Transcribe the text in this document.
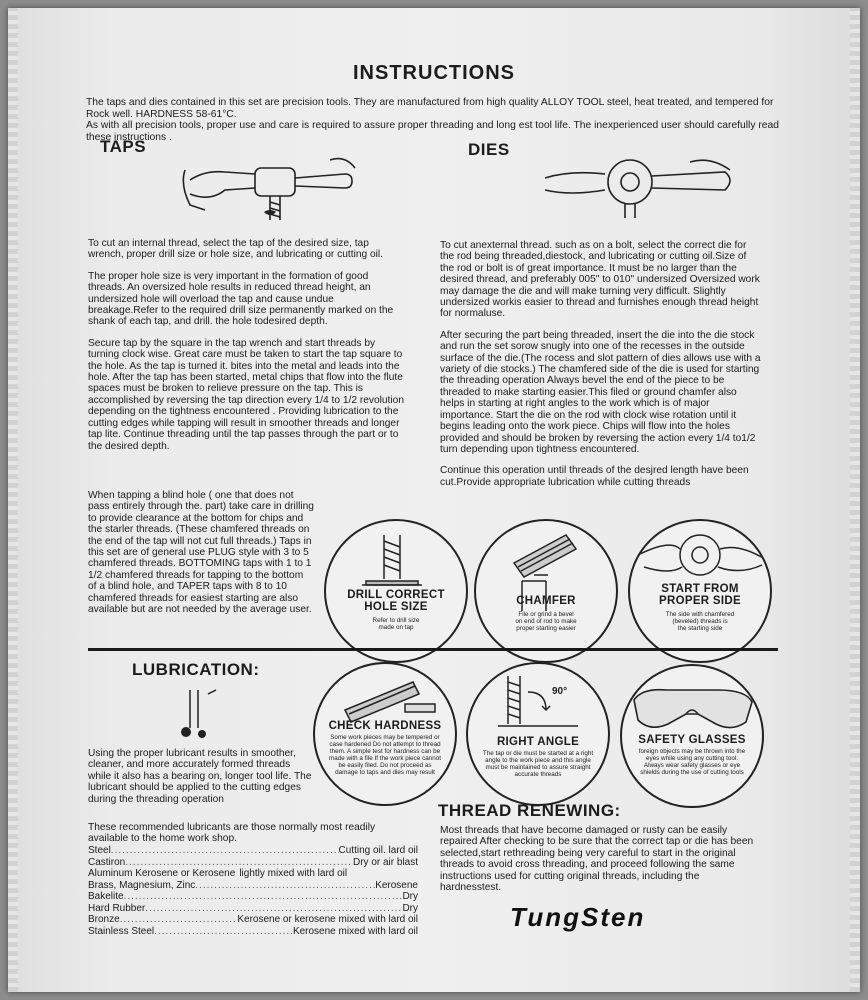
INSTRUCTIONS

The taps and dies contained in this set are precision tools. They are manufactured from high quality ALLOY TOOL steel, heat treated, and tempered for Rock well. HARDNESS 58-61°C.

As with all precision tools, proper use and care is required to assure proper threading and long est tool life. The inexperienced user should carefully read these instructions .

TAPS

To cut an internal thread, select the tap of the desired size, tap wrench, proper drill size or hole size, and lubricating or cutting oil.

The proper hole size is very important in the formation of good threads. An oversized hole results in reduced thread height, an undersized hole will overload the tap and cause undue breakage.Refer to the required drill size permanently marked on the shank of each tap, and drill. the hole todesired depth.

Secure tap by the square in the tap wrench and start threads by turning clock wise. Great care must be taken to start the tap square to the hole. As the tap is turned it. bites into the metal and leads into the hole. After the tap has been started, metal chips that flow into the flute spaces must be broken to relieve pressure on the tap. This is accomplished by reversing the tap direction every 1/4 to 1/2 revolution depending on the tightness encountered . Providing lubrication to the cutting edges while tapping will result in smoother threads and longer tap lite. Continue threading until the tap passes through the part or to the desired depth.

When tapping a blind hole ( one that does not pass entirely through the. part) take care in drilling to provide clearance at the bottom for chips and the starler threads. (These chamfered threads on the end of the tap will not cut full threads.) Taps in this set are of general use PLUG style with 3 to 5 chamfered threads. BOTTOMING taps with 1 to 1 1/2 chamfered threads for tapping to the bottom of a blind hole, and TAPER taps with 8 to 10 chamfered threads for easiest starting are also available but are not needed by the average user.
DIES

To cut anexternal thread. such as on a bolt, select the correct die for the rod being threaded,diestock, and lubricating or cutting oil.Size of the rod or bolt is of great importance. It must be no larger than the desired thread, and preferably 005" to 010" undersized Oversized work may damage the die and will make turning very difficult. Slightly undersized workis easier to thread and furnishes enough thread height for normaluse.

After securing the part being threaded, insert the die into the die stock and run the set sorow snugly into one of the recesses in the outside surface of the die.(The rocess and slot pattern of dies allows use with a variety of die stocks.) The chamfered side of the die is used for starting the threading operation Always bevel the end of the piece to be threaded to make starting easier.This filed or ground chamfer also helps in starting at right angles to the work which is of major importance. Start the die on the rod with clock wise rotation until it begins leading onto the work piece. Chips will flow into the holes provided and should be broken by reversing the action every 1/4 to1/2 turn depending upon tightness encountered.

Continue this operation until threads of the desjred length have been cut.Provide appropriate lubrication while cutting threads

DRILL CORRECT
HOLE SIZE
Refer to drill size
made on tap
CHAMFER
File or grind a bevel
on end of rod to make
proper starting easier
START FROM
PROPER SIDE
The side with chamfered
(beveled) threads is
the starting side
LUBRICATION:
Using the proper lubricant results in smoother, cleaner, and more accurately formed threads while it also has a bearing on, longer tool life. The lubricant should be applied to the cutting edges during the threading operation
These recommended lubricants are those normally most readily available to the home work shop.
Steel .....	Cutting oil. lard oil
Castiron .....	Dry or air blast
Aluminum Kerosene or Kerosene lightly mixed with lard oil
Brass, Magnesium, Zinc .....	Kerosene
Bakelite .....	Dry
Hard Rubber .....	Dry
Bronze .....	Kerosene or kerosene mixed with lard oil
Stainless Steel .....	Kerosene mixed with lard oil
CHECK HARDNESS
Some work pieces may be tempered or case hardened Do not attempt to thread them. A simple test for hardness can be made with a file If the work piece cannot be easily filed. Do not proceed as damage to taps and dies may result
90°
RIGHT ANGLE
The tap or die must be started at a right angle to the work piece and this angle must be maintained to assure straight accurate threads
SAFETY GLASSES
foreign objects may be thrown into the eyes while using any cutting tool. Always wear safety glasses or eye shields during the use of cutting tools
THREAD RENEWING:
Most threads that have become damaged or rusty can be easily repaired After checking to be sure that the correct tap or die has been selected,start rethreading being very careful to start in the original threads to avoid cross threading, and proceed following the same instructions used for cutting original threads, including the hardnesstest.
TungSten
